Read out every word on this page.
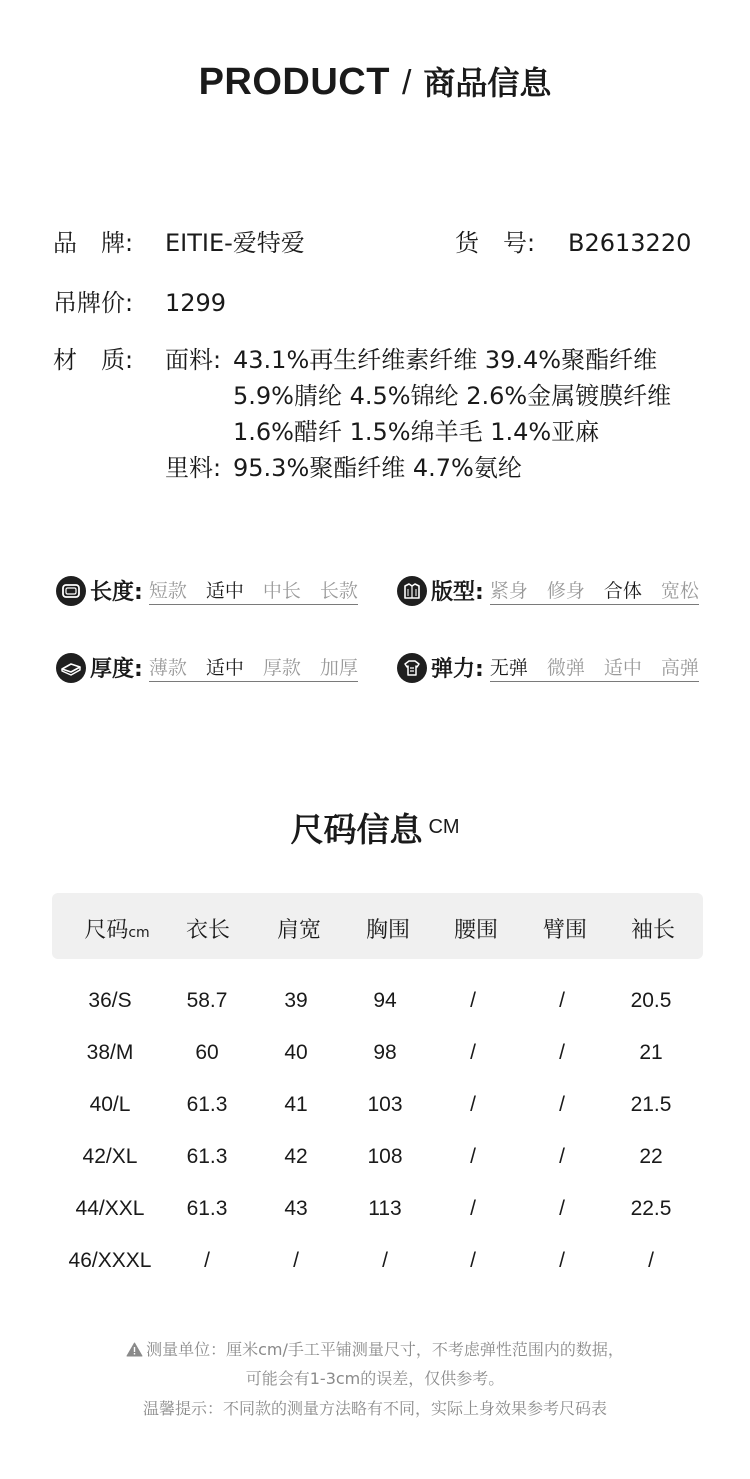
PRODUCT / 商品信息
品　牌: EITIE-爱特爱	货　号: B2613220
吊牌价: 1299
材　质: 面料: 43.1%再生纤维素纤维 39.4%聚酯纤维
5.9%腈纶 4.5%锦纶 2.6%金属镀膜纤维
1.6%醋纤 1.5%绵羊毛 1.4%亚麻
里料: 95.3%聚酯纤维 4.7%氨纶
长度: 短款 适中 中长 长款	版型: 紧身 修身 合体 宽松
厚度: 薄款 适中 厚款 加厚	弹力: 无弹 微弹 适中 高弹
尺码信息 CM
尺码cm 衣长 肩宽 胸围 腰围 臂围 袖长
36/S	58.7	39	94	/	/	20.5
38/M	60	40	98	/	/	21
40/L	61.3	41	103	/	/	21.5
42/XL 61.3	42	108	/	/	22
44/XXL 61.3	43	113	/	/	22.5
46/XXXL	/	/	/	/	/	/
测量单位：厘米cm/手工平铺测量尺寸，不考虑弹性范围内的数据，
可能会有1-3cm的误差，仅供参考。
温馨提示：不同款的测量方法略有不同，实际上身效果参考尺码表
